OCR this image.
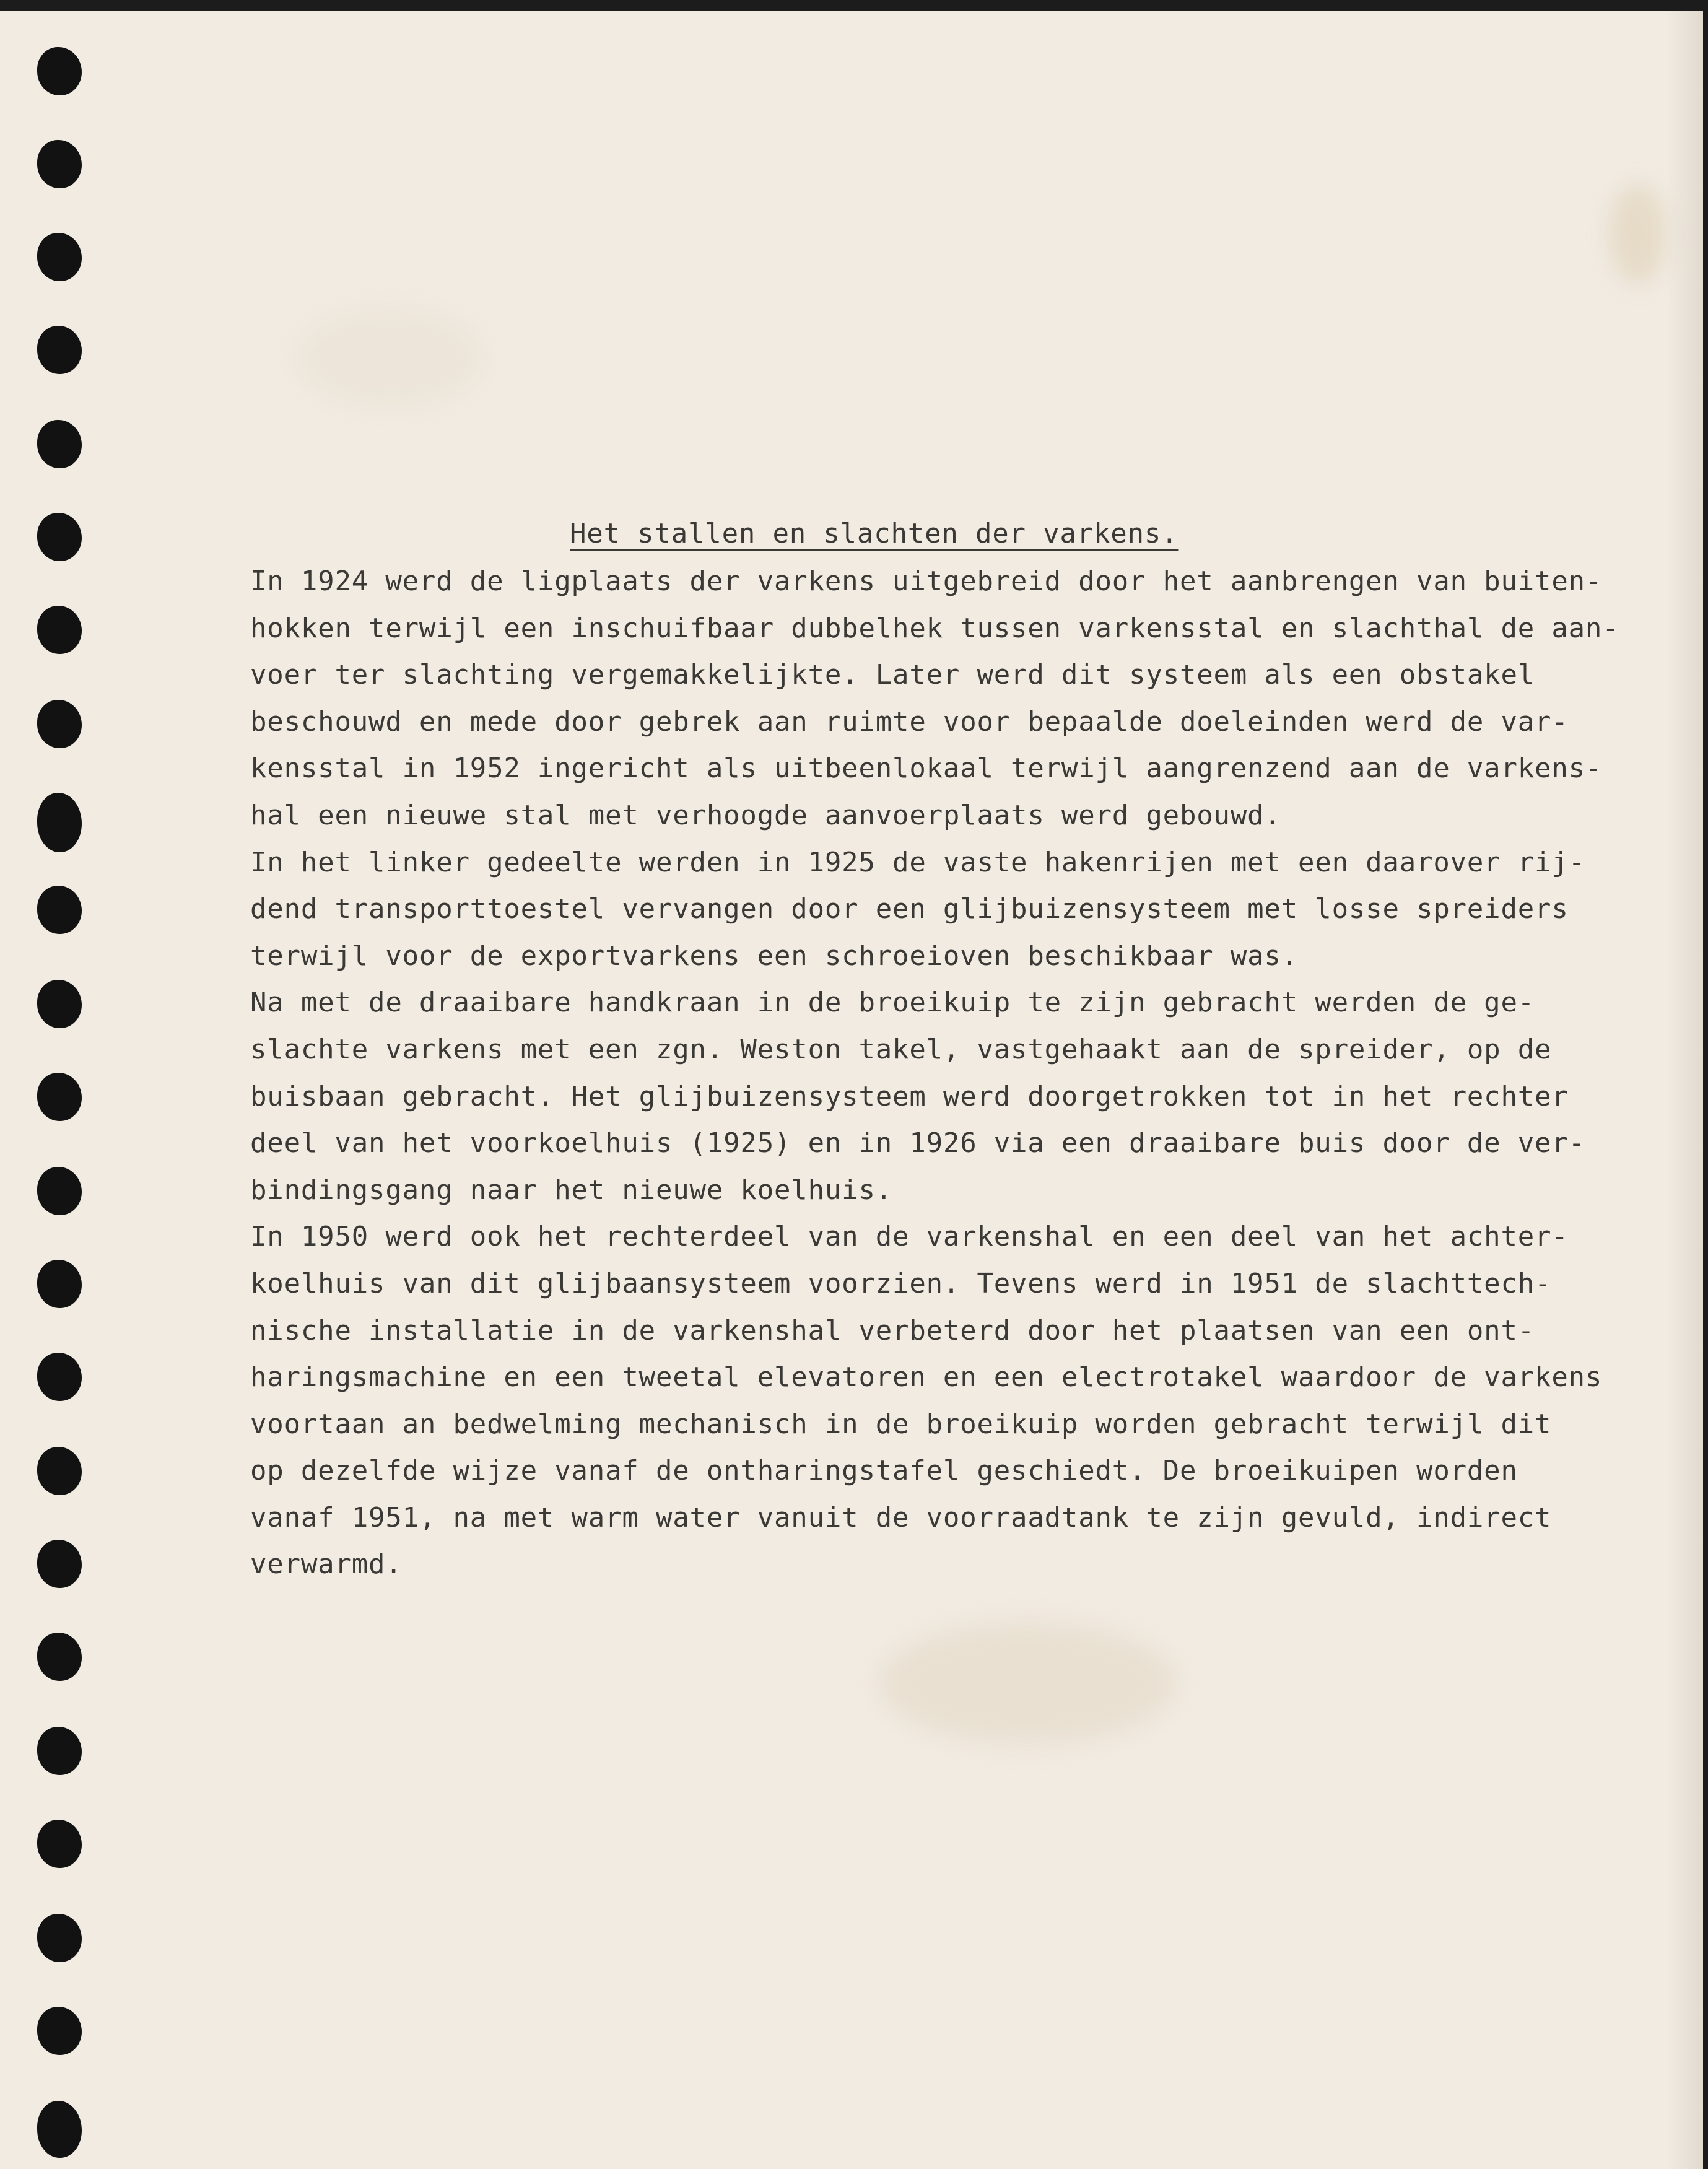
Het stallen en slachten der varkens.
In 1924 werd de ligplaats der varkens uitgebreid door het aanbrengen van buiten-
hokken terwijl een inschuifbaar dubbelhek tussen varkensstal en slachthal de aan-
voer ter slachting vergemakkelijkte. Later werd dit systeem als een obstakel
beschouwd en mede door gebrek aan ruimte voor bepaalde doeleinden werd de var-
kensstal in 1952 ingericht als uitbeenlokaal terwijl aangrenzend aan de varkens-
hal een nieuwe stal met verhoogde aanvoerplaats werd gebouwd.
In het linker gedeelte werden in 1925 de vaste hakenrijen met een daarover rij-
dend transporttoestel vervangen door een glijbuizensysteem met losse spreiders
terwijl voor de exportvarkens een schroeioven beschikbaar was.
Na met de draaibare handkraan in de broeikuip te zijn gebracht werden de ge-
slachte varkens met een zgn. Weston takel, vastgehaakt aan de spreider, op de
buisbaan gebracht. Het glijbuizensysteem werd doorgetrokken tot in het rechter
deel van het voorkoelhuis (1925) en in 1926 via een draaibare buis door de ver-
bindingsgang naar het nieuwe koelhuis.
In 1950 werd ook het rechterdeel van de varkenshal en een deel van het achter-
koelhuis van dit glijbaansysteem voorzien. Tevens werd in 1951 de slachttech-
nische installatie in de varkenshal verbeterd door het plaatsen van een ont-
haringsmachine en een tweetal elevatoren en een electrotakel waardoor de varkens
voortaan an bedwelming mechanisch in de broeikuip worden gebracht terwijl dit
op dezelfde wijze vanaf de ontharingstafel geschiedt. De broeikuipen worden
vanaf 1951, na met warm water vanuit de voorraadtank te zijn gevuld, indirect
verwarmd.
